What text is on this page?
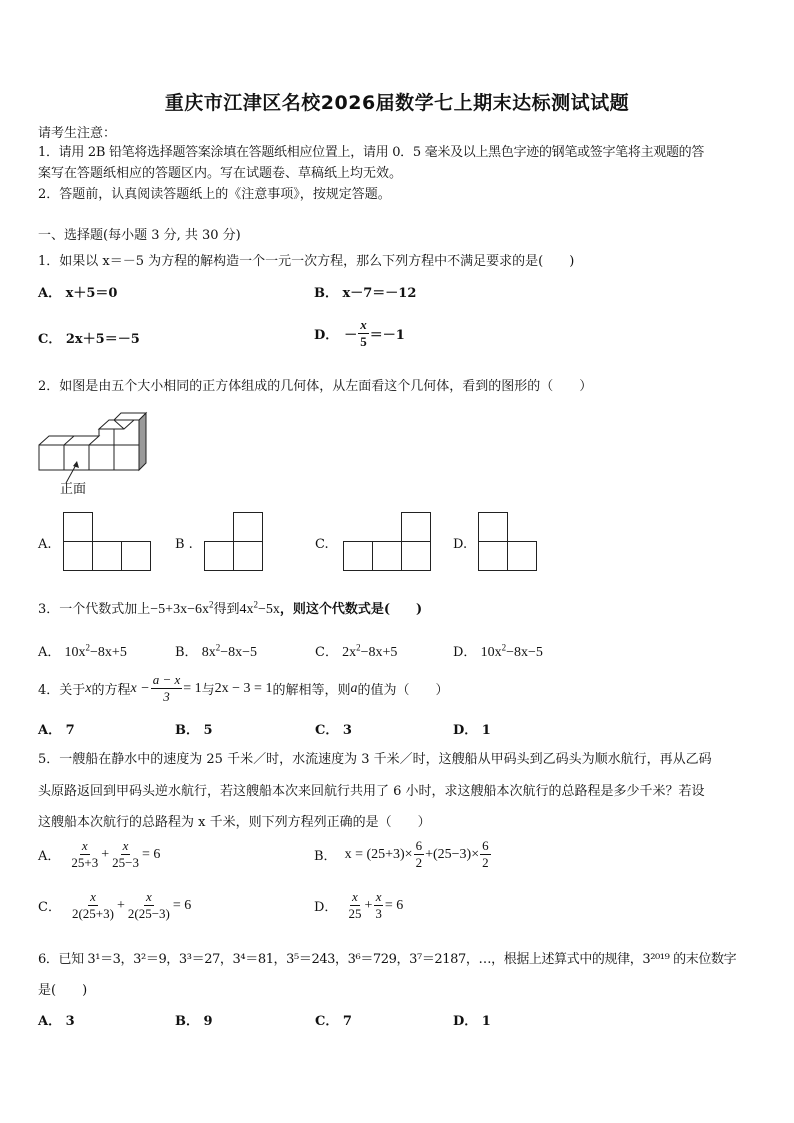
重庆市江津区名校2026届数学七上期末达标测试试题
请考生注意：
1．请用 2B 铅笔将选择题答案涂填在答题纸相应位置上，请用 0．5 毫米及以上黑色字迹的钢笔或签字笔将主观题的答
案写在答题纸相应的答题区内。写在试题卷、草稿纸上均无效。
2．答题前，认真阅读答题纸上的《注意事项》，按规定答题。
一、选择题(每小题 3 分, 共 30 分)
1．如果以 x＝－5 为方程的解构造一个一元一次方程，那么下列方程中不满足要求的是(　　)
A． x＋5＝0	B． x－7＝－12
C． 2x＋5＝－5	D． － $\frac{x}{5} =-1$
2．如图是由五个大小相同的正方体组成的几何体，从左面看这个几何体，看到的图形的（　　）
正面
A.	B .	C.	D.
3．一个代数式加上$-5+3x-6x^2$得到$4x^2-5x$，则这个代数式是(　　)
A． $10x^2-8x+5$	B． $8x^2-8x-5$	C． $2x^2-8x+5$	D． $10x^2-8x-5$
4．关于 x 的方程 $x - \frac{a - x}{3} = 1$ 与 2x − 3 = 1 的解相等，则 a 的值为（　　）
A． 7	B． 5	C． 3	D． 1
5．一艘船在静水中的速度为 25 千米／时，水流速度为 3 千米／时，这艘船从甲码头到乙码头为顺水航行，再从乙码
头原路返回到甲码头逆水航行，若这艘船本次来回航行共用了 6 小时，求这艘船本次航行的总路程是多少千米？若设
这艘船本次航行的总路程为 x 千米，则下列方程列正确的是（　　）
A． $\frac{x}{25+3} + \frac{x}{25-3} = 6$	B． $x = (25+3)\times \frac{6}{2} +(25-3)\times \frac{6}{2}$
C． $\frac{x}{2(25+3)} + \frac{x}{2(25-3)} = 6$	D． $\frac{x}{25} + \frac{x}{3} = 6$
6．已知 3¹＝3，3²＝9，3³＝27，3⁴＝81，3⁵＝243，3⁶＝729，3⁷＝2187，…，根据上述算式中的规律，3²⁰¹⁹ 的末位数字
是(　　)
A． 3	B． 9	C． 7	D． 1
